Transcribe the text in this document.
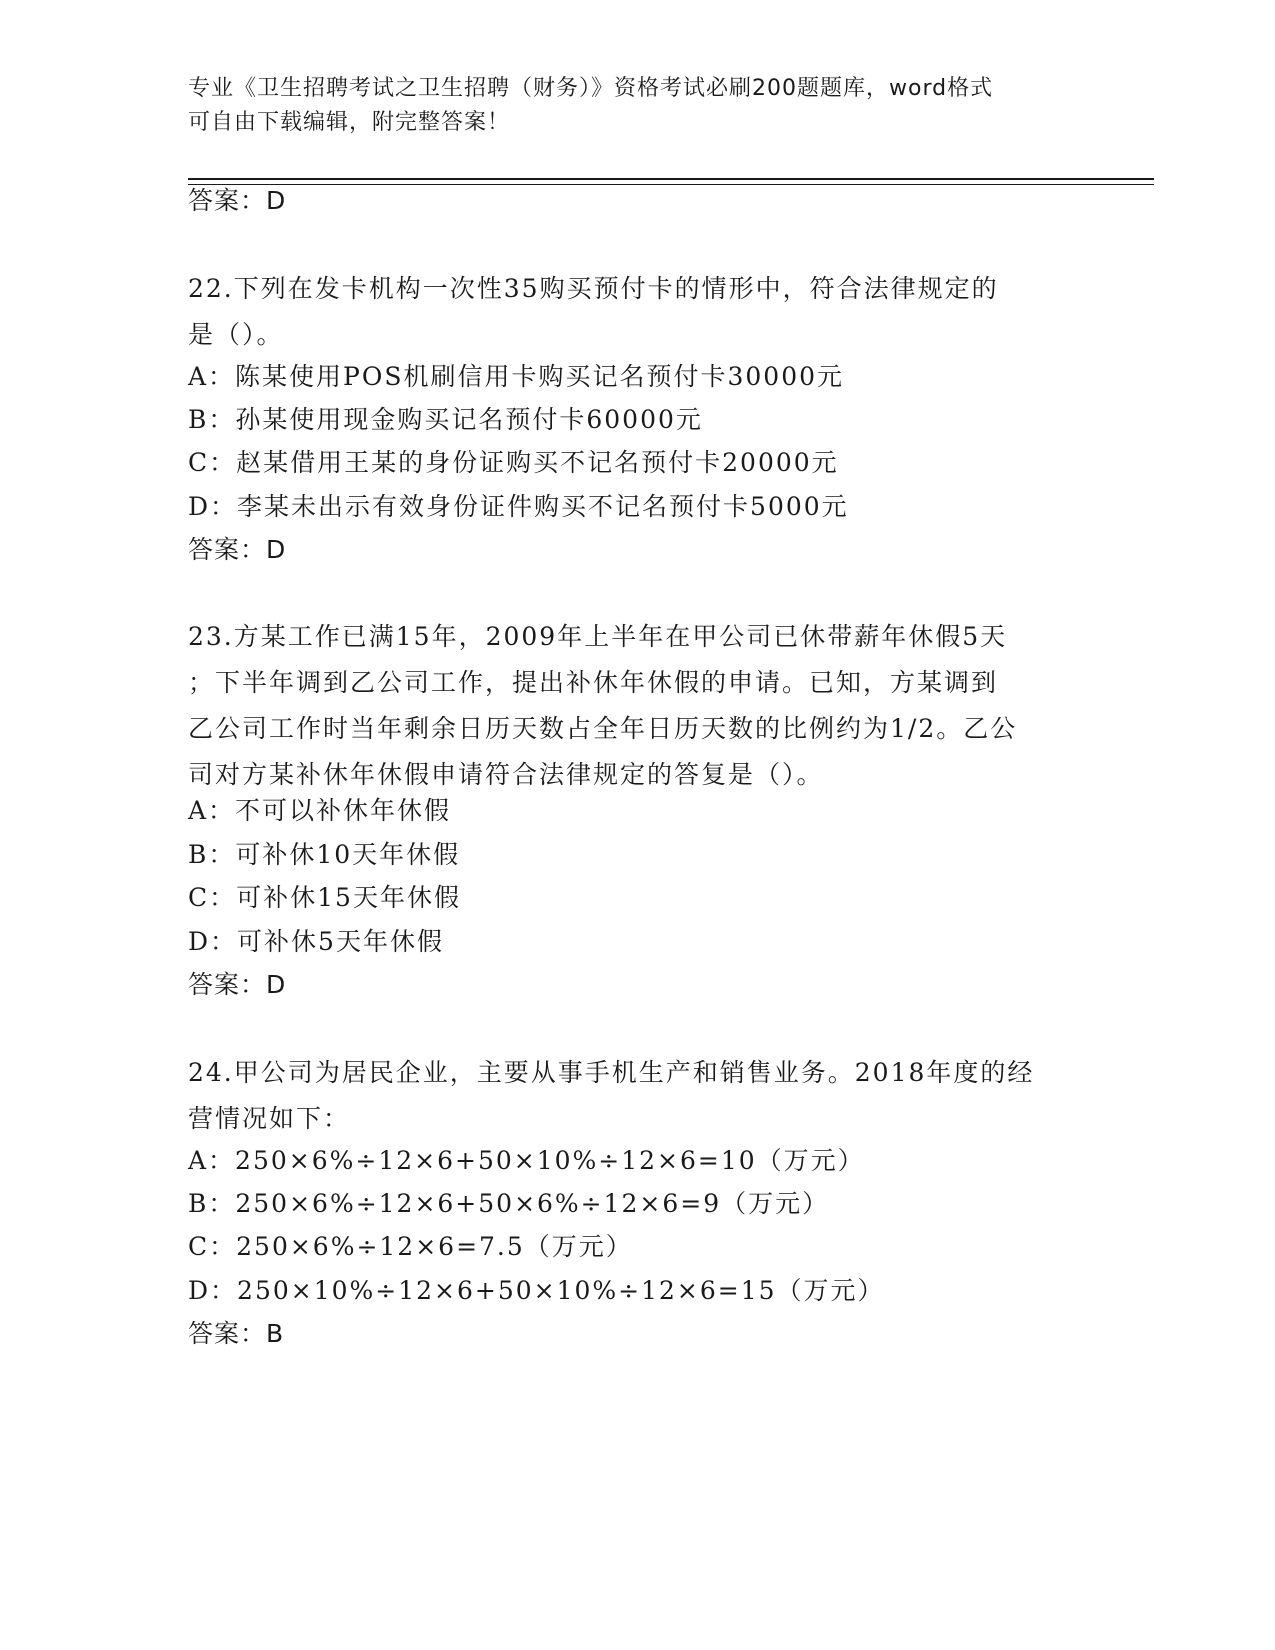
专业《卫生招聘考试之卫生招聘（财务）》资格考试必刷200题题库，word格式
可自由下载编辑，附完整答案！
答案：D
22.下列在发卡机构一次性35购买预付卡的情形中，符合法律规定的
是（）。
A：陈某使用POS机刷信用卡购买记名预付卡30000元
B：孙某使用现金购买记名预付卡60000元
C：赵某借用王某的身份证购买不记名预付卡20000元
D：李某未出示有效身份证件购买不记名预付卡5000元
答案：D
23.方某工作已满15年，2009年上半年在甲公司已休带薪年休假5天
；下半年调到乙公司工作，提出补休年休假的申请。已知，方某调到
乙公司工作时当年剩余日历天数占全年日历天数的比例约为1/2。乙公
司对方某补休年休假申请符合法律规定的答复是（）。
A：不可以补休年休假
B：可补休10天年休假
C：可补休15天年休假
D：可补休5天年休假
答案：D
24.甲公司为居民企业，主要从事手机生产和销售业务。2018年度的经
营情况如下：
A：250×6%÷12×6+50×10%÷12×6=10（万元）
B：250×6%÷12×6+50×6%÷12×6=9（万元）
C：250×6%÷12×6=7.5（万元）
D：250×10%÷12×6+50×10%÷12×6=15（万元）
答案：B
